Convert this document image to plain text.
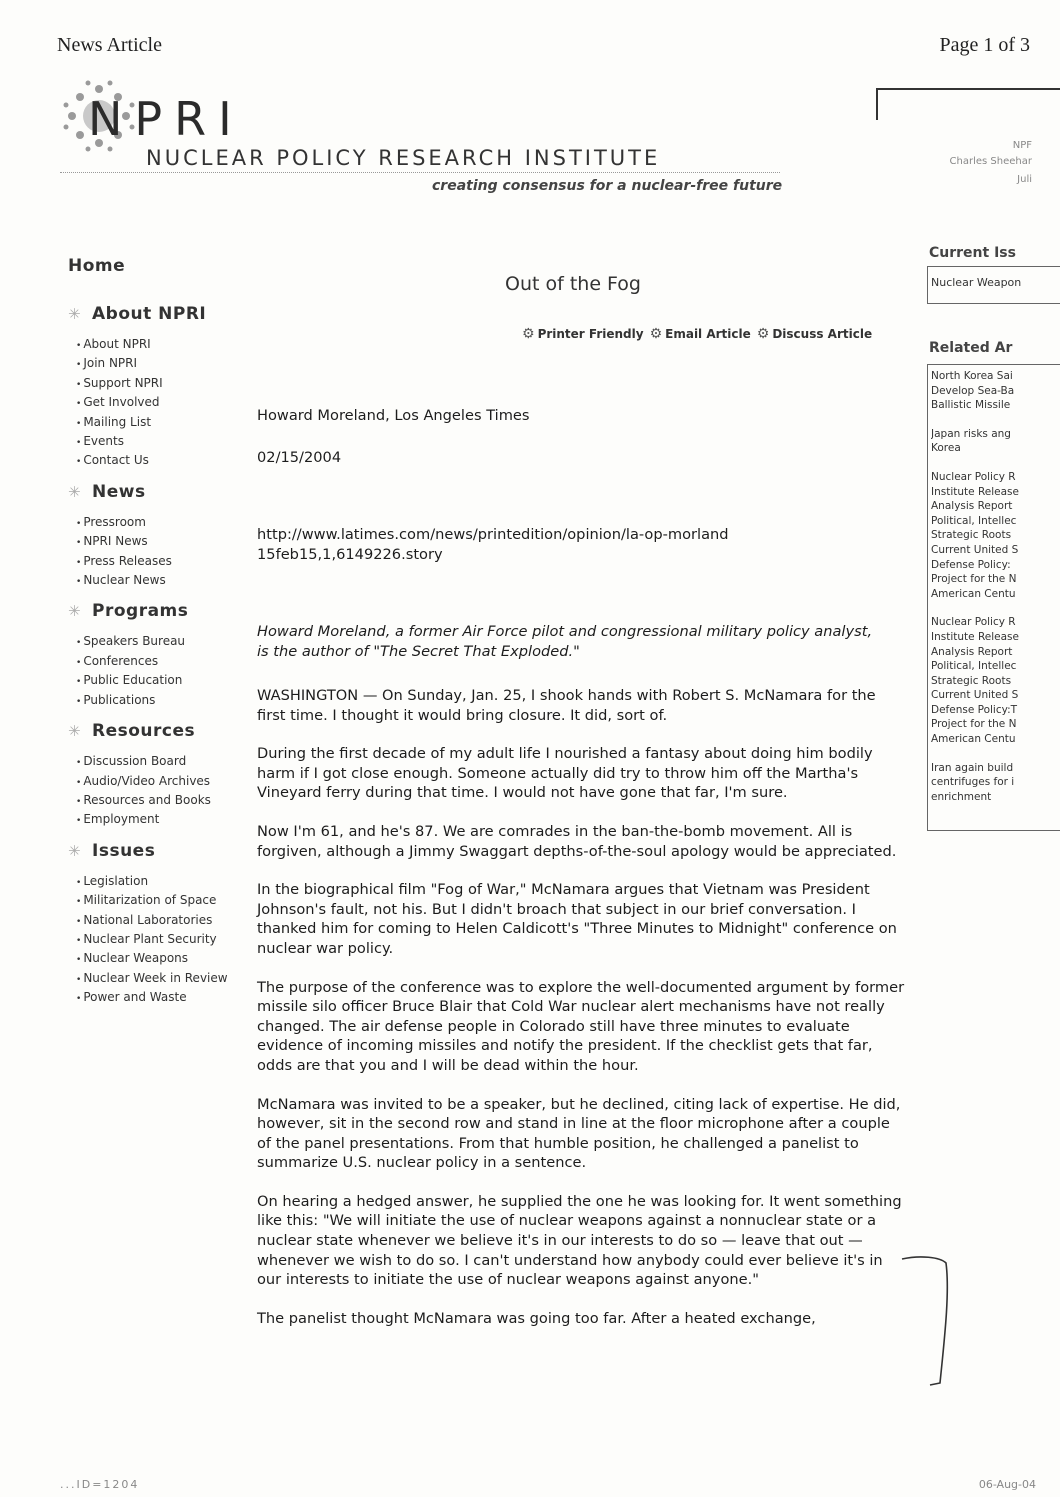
News Article	Page 1 of 3
NPRI
NUCLEAR POLICY RESEARCH INSTITUTE
creating consensus for a nuclear-free future
NPF
Charles Sheehar
Juli
Home
✳ About NPRI
• About NPRI
• Join NPRI
• Support NPRI
• Get Involved
• Mailing List
• Events
• Contact Us
✳ News
• Pressroom
• NPRI News
• Press Releases
• Nuclear News
✳ Programs
• Speakers Bureau
• Conferences
• Public Education
• Publications
✳ Resources
• Discussion Board
• Audio/Video Archives
• Resources and Books
• Employment
✳ Issues
• Legislation
• Militarization of Space
• National Laboratories
• Nuclear Plant Security
• Nuclear Weapons
• Nuclear Week in Review
• Power and Waste
Out of the Fog
⚙ Printer Friendly ⚙ Email Article ⚙ Discuss Article
Howard Moreland, Los Angeles Times
02/15/2004
http://www.latimes.com/news/printedition/opinion/la-op-morland15feb15,1,6149226.story
Howard Moreland, a former Air Force pilot and congressional military policy analyst, is the author of "The Secret That Exploded."

WASHINGTON — On Sunday, Jan. 25, I shook hands with Robert S. McNamara for the first time. I thought it would bring closure. It did, sort of.

During the first decade of my adult life I nourished a fantasy about doing him bodily harm if I got close enough. Someone actually did try to throw him off the Martha's Vineyard ferry during that time. I would not have gone that far, I'm sure.

Now I'm 61, and he's 87. We are comrades in the ban-the-bomb movement. All is forgiven, although a Jimmy Swaggart depths-of-the-soul apology would be appreciated.

In the biographical film "Fog of War," McNamara argues that Vietnam was President Johnson's fault, not his. But I didn't broach that subject in our brief conversation. I thanked him for coming to Helen Caldicott's "Three Minutes to Midnight" conference on nuclear war policy.

The purpose of the conference was to explore the well-documented argument by former missile silo officer Bruce Blair that Cold War nuclear alert mechanisms have not really changed. The air defense people in Colorado still have three minutes to evaluate evidence of incoming missiles and notify the president. If the checklist gets that far, odds are that you and I will be dead within the hour.

McNamara was invited to be a speaker, but he declined, citing lack of expertise. He did, however, sit in the second row and stand in line at the floor microphone after a couple of the panel presentations. From that humble position, he challenged a panelist to summarize U.S. nuclear policy in a sentence.

On hearing a hedged answer, he supplied the one he was looking for. It went something like this: "We will initiate the use of nuclear weapons against a nonnuclear state or a nuclear state whenever we believe it's in our interests to do so — leave that out — whenever we wish to do so. I can't understand how anybody could ever believe it's in our interests to initiate the use of nuclear weapons against anyone."

The panelist thought McNamara was going too far. After a heated exchange,

Current Iss
Nuclear Weapon
Related Ar
North Korea Sai
Develop Sea-Ba
Ballistic Missile
Japan risks ang
Korea
Nuclear Policy R
Institute Release
Analysis Report
Political, Intellec
Strategic Roots
Current United S
Defense Policy:
Project for the N
American Centu
Nuclear Policy R
Institute Release
Analysis Report
Political, Intellec
Strategic Roots
Current United S
Defense Policy:T
Project for the N
American Centu
Iran again build
centrifuges for i
enrichment
...ID=1204	06-Aug-04
